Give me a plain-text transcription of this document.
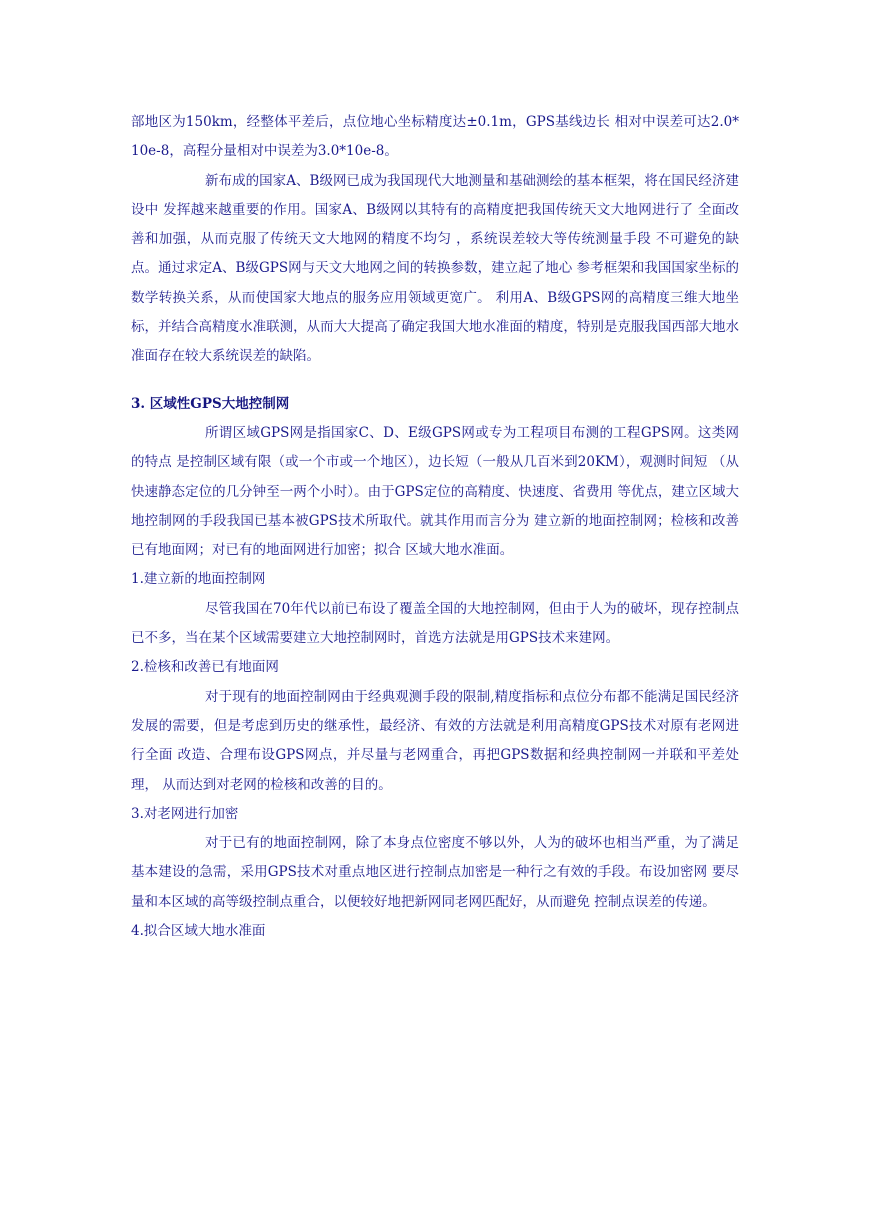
部地区为150km，经整体平差后，点位地心坐标精度达±0.1m，GPS基线边长 相对中误差可达2.0*10e-8，高程分量相对中误差为3.0*10e-8。

新布成的国家A、B级网已成为我国现代大地测量和基础测绘的基本框架，将在国民经济建设中 发挥越来越重要的作用。国家A、B级网以其特有的高精度把我国传统天文大地网进行了 全面改善和加强，从而克服了传统天文大地网的精度不均匀 ，系统误差较大等传统测量手段 不可避免的缺点。通过求定A、B级GPS网与天文大地网之间的转换参数，建立起了地心 参考框架和我国国家坐标的数学转换关系，从而使国家大地点的服务应用领域更宽广。 利用A、B级GPS网的高精度三维大地坐标，并结合高精度水准联测，从而大大提高了确定我国大地水准面的精度，特别是克服我国西部大地水准面存在较大系统误差的缺陷。

3. 区域性GPS大地控制网

所谓区域GPS网是指国家C、D、E级GPS网或专为工程项目布测的工程GPS网。这类网的特点 是控制区域有限（或一个市或一个地区），边长短（一般从几百米到20KM），观测时间短 （从快速静态定位的几分钟至一两个小时）。由于GPS定位的高精度、快速度、省费用 等优点，建立区域大地控制网的手段我国已基本被GPS技术所取代。就其作用而言分为 建立新的地面控制网；检核和改善已有地面网；对已有的地面网进行加密；拟合 区域大地水准面。

1.建立新的地面控制网

尽管我国在70年代以前已布设了覆盖全国的大地控制网，但由于人为的破坏，现存控制点 已不多，当在某个区域需要建立大地控制网时，首选方法就是用GPS技术来建网。

2.检核和改善已有地面网

对于现有的地面控制网由于经典观测手段的限制,精度指标和点位分布都不能满足国民经济 发展的需要，但是考虑到历史的继承性，最经济、有效的方法就是利用高精度GPS技术对原有老网进行全面 改造、合理布设GPS网点，并尽量与老网重合，再把GPS数据和经典控制网一并联和平差处理， 从而达到对老网的检核和改善的目的。

3.对老网进行加密

对于已有的地面控制网，除了本身点位密度不够以外，人为的破坏也相当严重，为了满足 基本建设的急需，采用GPS技术对重点地区进行控制点加密是一种行之有效的手段。布设加密网 要尽量和本区域的高等级控制点重合，以便较好地把新网同老网匹配好，从而避免 控制点误差的传递。

4.拟合区域大地水准面
